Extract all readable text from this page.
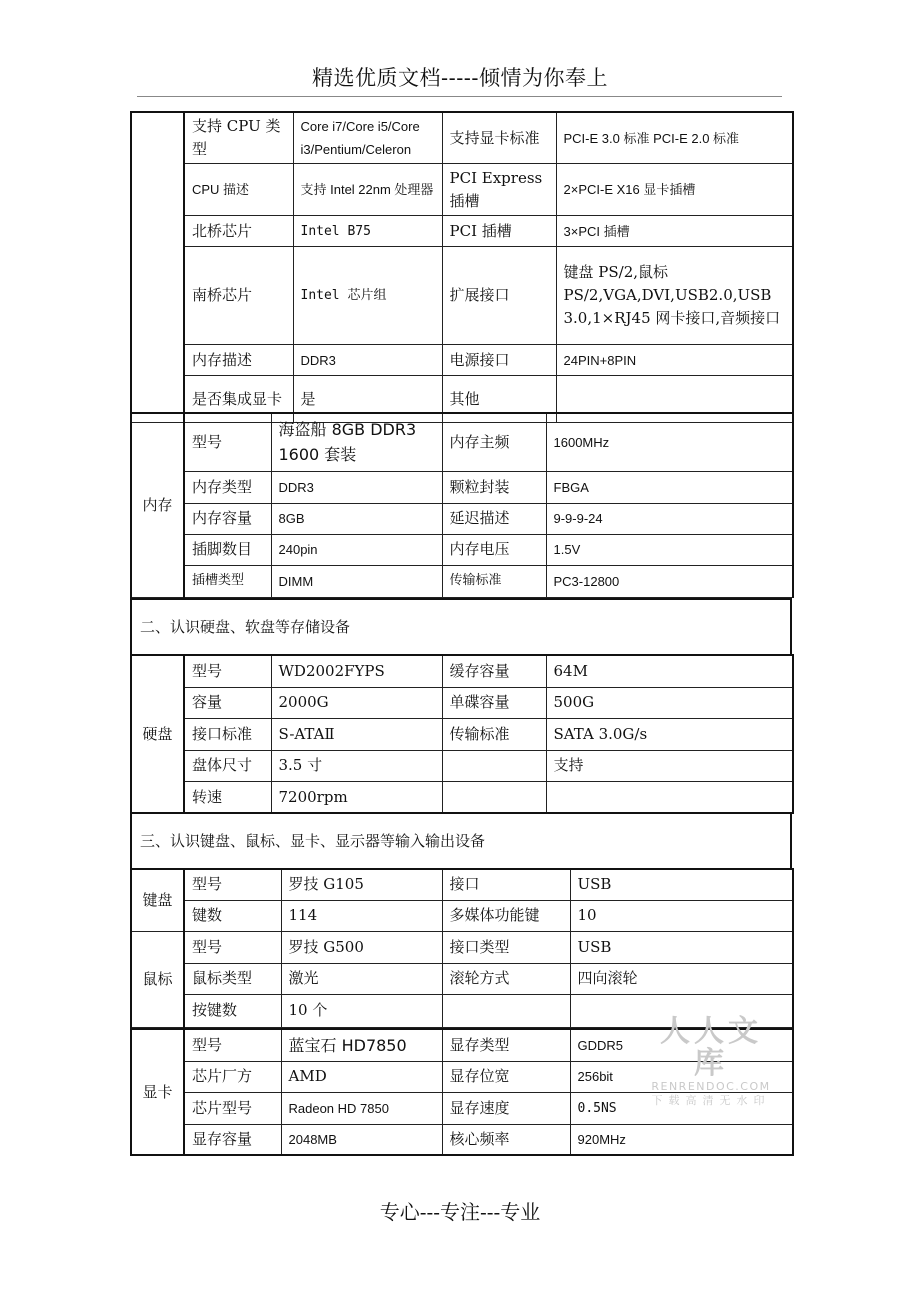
精选优质文档-----倾情为你奉上
	支持 CPU 类型	Core i7/Core i5/Core i3/Pentium/Celeron	支持显卡标准	PCI-E 3.0 标准 PCI-E 2.0 标准
	CPU 描述	支持 Intel 22nm 处理器	PCI Express 插槽	2×PCI-E X16 显卡插槽
	北桥芯片	Intel B75	PCI 插槽	3×PCI 插槽
	南桥芯片	Intel 芯片组	扩展接口	键盘 PS/2,鼠标 PS/2,VGA,DVI,USB2.0,USB 3.0,1×RJ45 网卡接口,音频接口
	内存描述	DDR3	电源接口	24PIN+8PIN
	是否集成显卡	是	其他	
内存	型号	海盗船 8GB DDR3 1600 套装	内存主频	1600MHz
	内存类型	DDR3	颗粒封装	FBGA
	内存容量	8GB	延迟描述	9-9-9-24
	插脚数目	240pin	内存电压	1.5V
	插槽类型	DIMM	传输标准	PC3-12800
二、认识硬盘、软盘等存储设备
硬盘	型号	WD2002FYPS	缓存容量	64M
	容量	2000G	单碟容量	500G
	接口标准	S-ATAⅡ	传输标准	SATA 3.0G/s
	盘体尺寸	3.5 寸		支持
	转速	7200rpm		
三、认识键盘、鼠标、显卡、显示器等输入输出设备
键盘	型号	罗技 G105	接口	USB
	键数	114	多媒体功能键	10
鼠标	型号	罗技 G500	接口类型	USB
	鼠标类型	激光	滚轮方式	四向滚轮
	按键数	10 个		
显卡	型号	蓝宝石 HD7850	显存类型	GDDR5
	芯片厂方	AMD	显存位宽	256bit
	芯片型号	Radeon HD 7850	显存速度	0.5NS
	显存容量	2048MB	核心频率	920MHz
人人文库
RENRENDOC.COM
下载高清无水印
专心---专注---专业
